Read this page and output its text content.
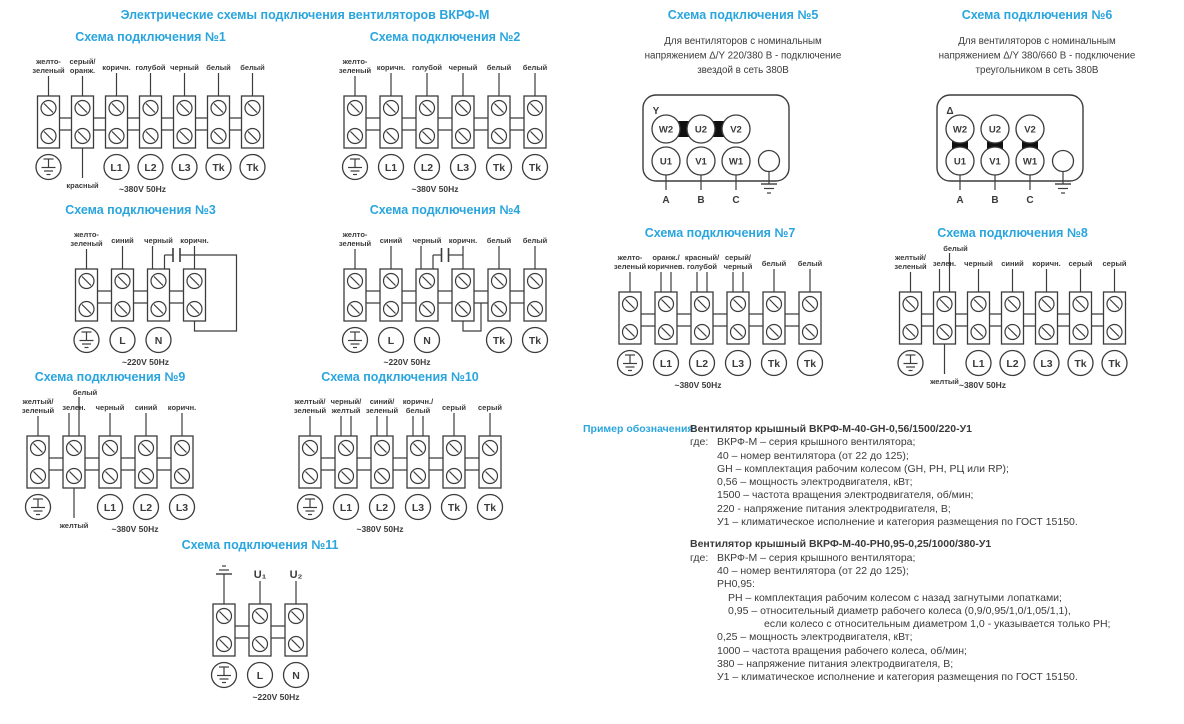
Электрические схемы подключения вентиляторов ВКРФ-М
Схема подключения №1
желто-
зеленый
серый/
оранж.
красный
коричн.
L1
голубой
L2
черный
L3
белый
Tk
белый
Tk
~380V 50Hz
Схема подключения №2
желто-
зеленый коричн.
L1
голубой
L2
черный
L3
белый
Tk
белый
Tk
~380V 50Hz
Схема подключения №3
желто-
зеленый синий
L
черный
N
коричн.
~220V 50Hz
Схема подключения №4
желто-
зеленый синий
L
черный
N
коричн. белый
Tk
белый
Tk
~220V 50Hz
Схема подключения №5
Для вентиляторов с номинальным
напряжением Δ/Y 220/380 В - подключение
звездой в сеть 380В
Y
W2
U1
A
U2
V1
B
V2
W1
C
Схема подключения №6
Для вентиляторов с номинальным
напряжением Δ/Y 380/660 В - подключение
треугольником в сеть 380В
Δ
W2
U1
A
U2
V1
B
V2
W1
C
Схема подключения №7
желто-
зеленый
оранж./
коричнев.
L1
красный/
голубой
L2
серый/
черный
L3
белый
Tk
белый
Tk
~380V 50Hz
Схема подключения №8
желтый/
зеленый зелен.
белый
желтый
черный
L1
синий
L2
коричн.
L3
серый
Tk
серый
Tk
~380V 50Hz
Схема подключения №9
желтый/
зеленый зелен.
белый
желтый
черный
L1
синий
L2
коричн.
L3
~380V 50Hz
Схема подключения №10
желтый/
зеленый
черный/
желтый
L1
синий/
зеленый
L2
коричн./
белый
L3
серый
Tk
серый
Tk
~380V 50Hz
Схема подключения №11
U₁
L
U₂
N
~220V 50Hz
Пример обозначения:
Вентилятор крышный ВКРФ-М-40-GH-0,56/1500/220-У1
где: ВКРФ-М – серия крышного вентилятора;
40 – номер вентилятора (от 22 до 125);
GH – комплектация рабочим колесом (GH, PH, РЦ или RP);
0,56 – мощность электродвигателя, кВт;
1500 – частота вращения электродвигателя, об/мин;
220 - напряжение питания электродвигателя, В;
У1 – климатическое исполнение и категория размещения по ГОСТ 15150.
Вентилятор крышный ВКРФ-М-40-PH0,95-0,25/1000/380-У1
где: ВКРФ-М – серия крышного вентилятора;
40 – номер вентилятора (от 22 до 125);
PH0,95:
PH – комплектация рабочим колесом с назад загнутыми лопатками;
0,95 – относительный диаметр рабочего колеса (0,9/0,95/1,0/1,05/1,1),
если колесо с относительным диаметром 1,0 - указывается только PH;
0,25 – мощность электродвигателя, кВт;
1000 – частота вращения рабочего колеса, об/мин;
380 – напряжение питания электродвигателя, В;
У1 – климатическое исполнение и категория размещения по ГОСТ 15150.
